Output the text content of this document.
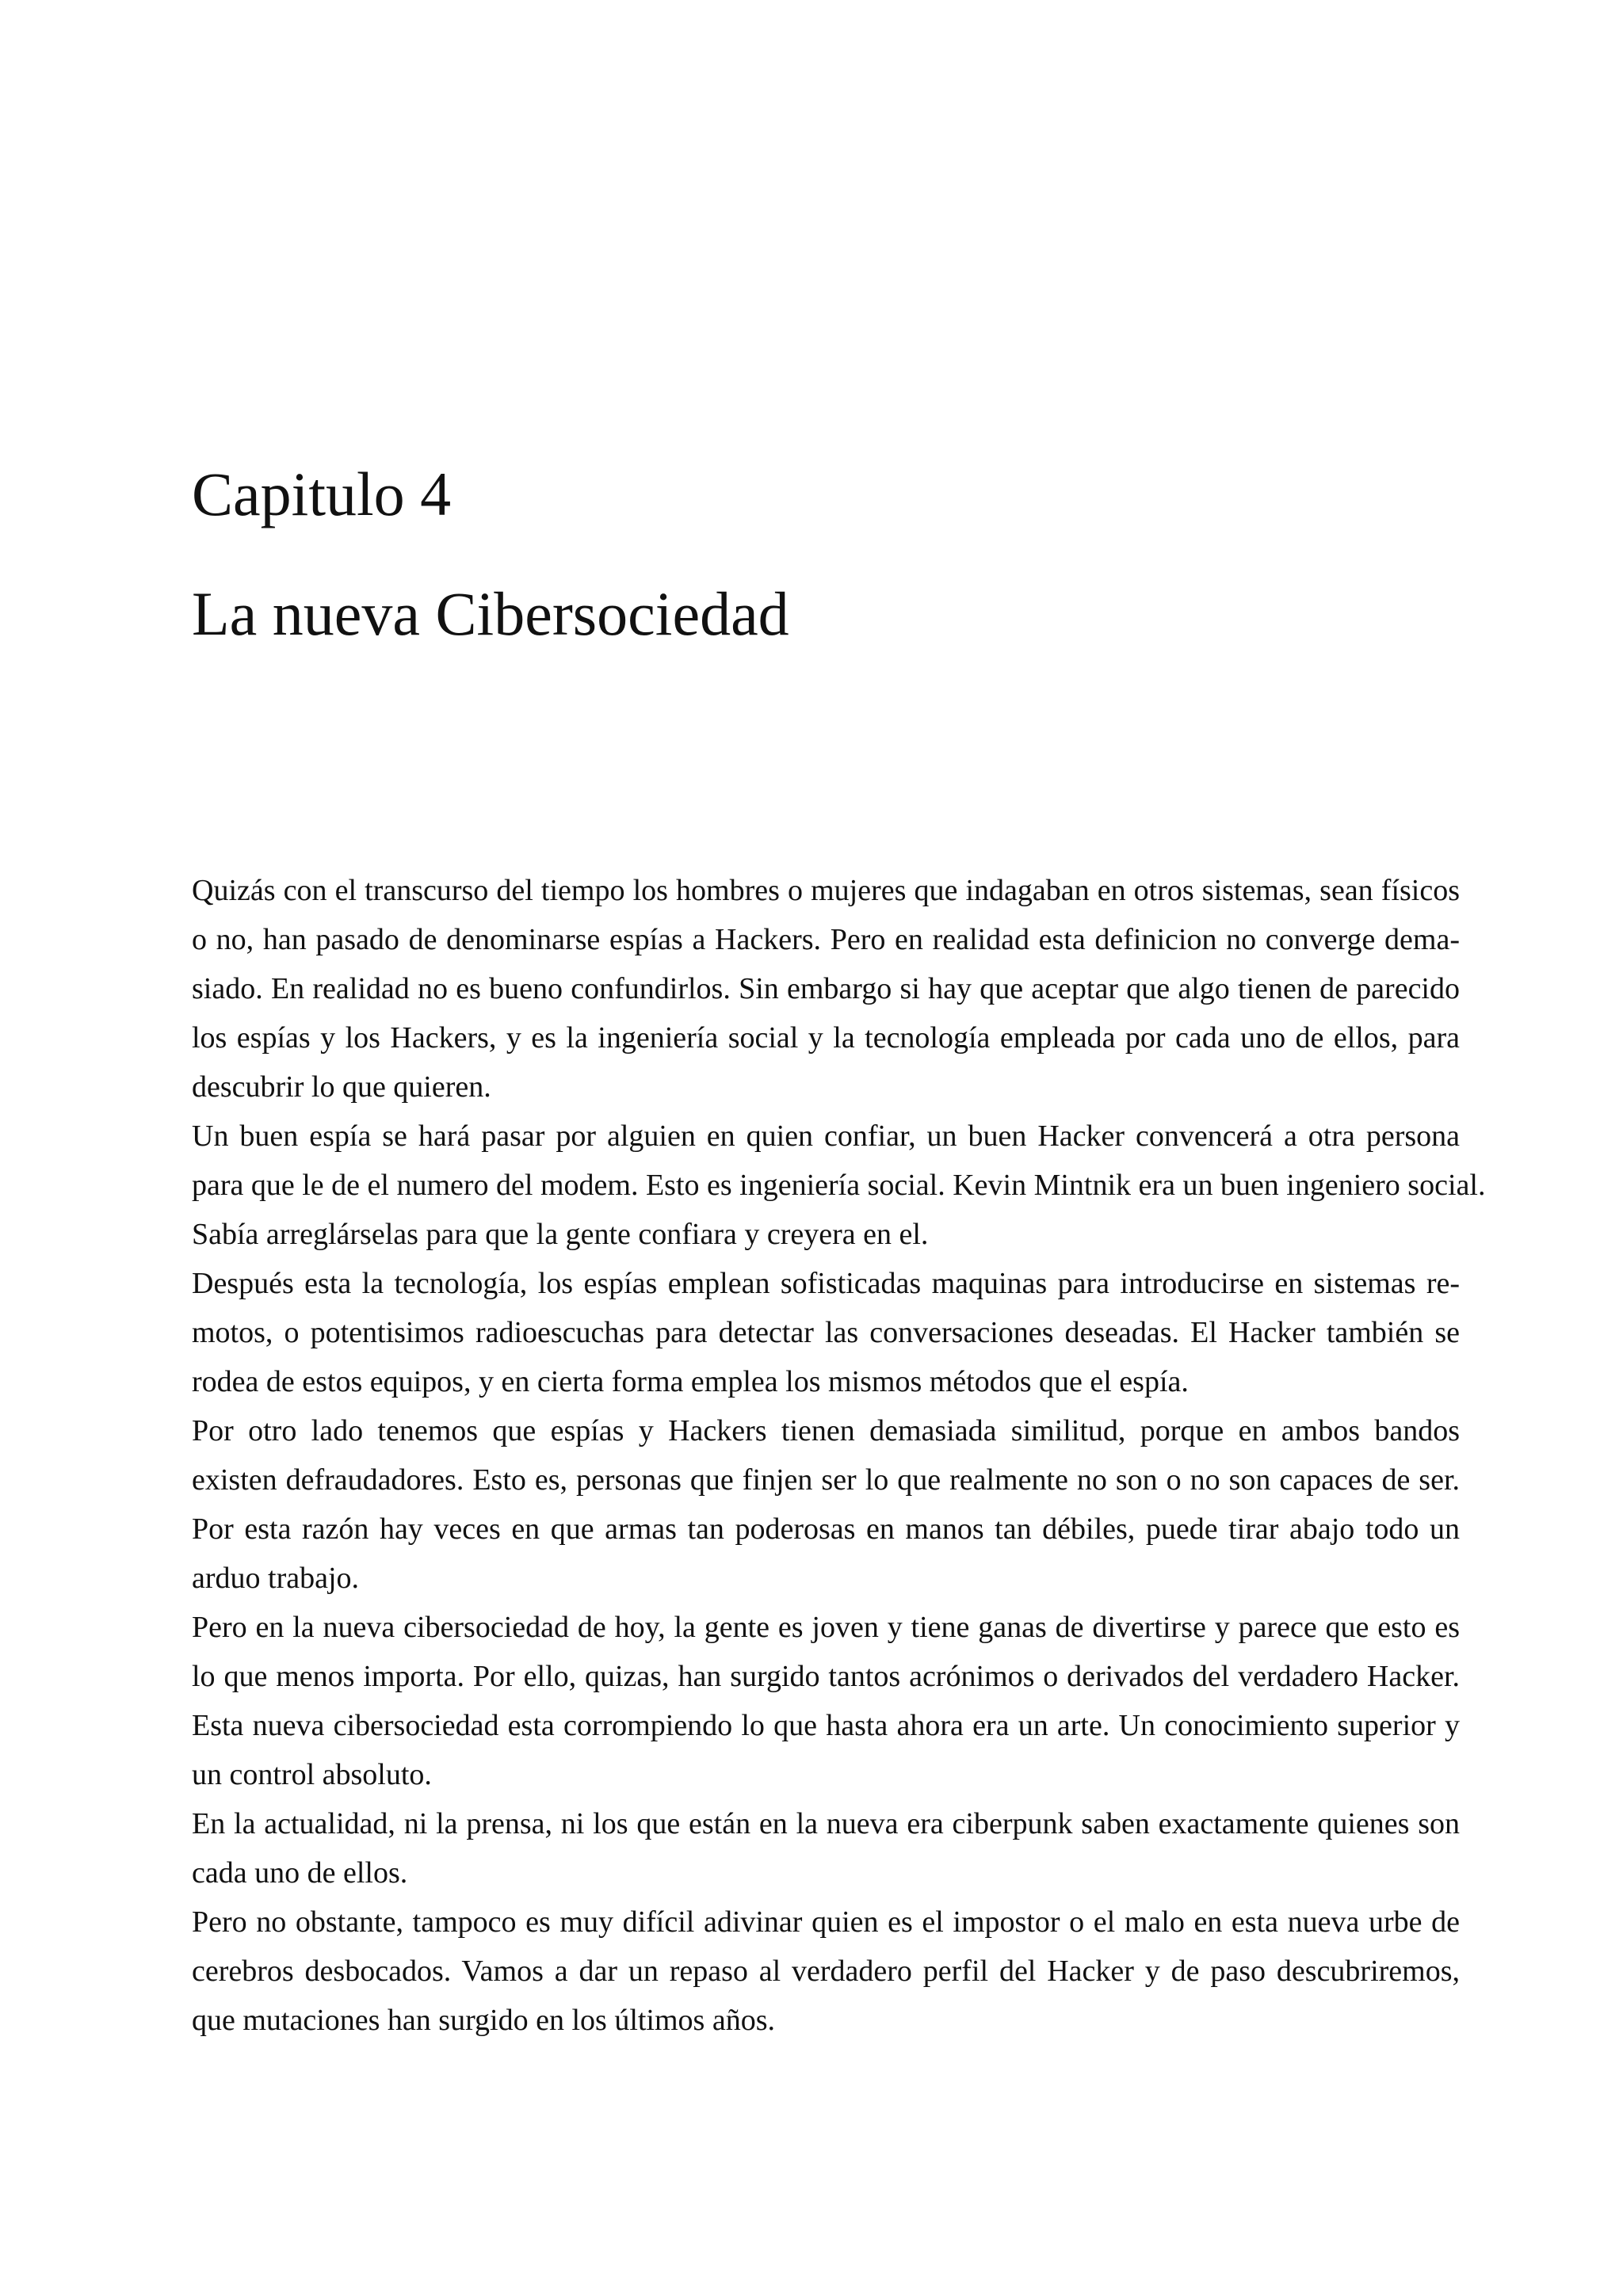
Capitulo 4
La nueva Cibersociedad
Quizás con el transcurso del tiempo los hombres o mujeres que indagaban en otros sistemas, sean físicos
o no, han pasado de denominarse espías a Hackers. Pero en realidad esta definicion no converge dema-
siado. En realidad no es bueno confundirlos. Sin embargo si hay que aceptar que algo tienen de parecido
los espías y los Hackers, y es la ingeniería social y la tecnología empleada por cada uno de ellos, para
descubrir lo que quieren.
Un buen espía se hará pasar por alguien en quien confiar, un buen Hacker convencerá a otra persona
para que le de el numero del modem. Esto es ingeniería social. Kevin Mintnik era un buen ingeniero social.
Sabía arreglárselas para que la gente confiara y creyera en el.
Después esta la tecnología, los espías emplean sofisticadas maquinas para introducirse en sistemas re-
motos, o potentisimos radioescuchas para detectar las conversaciones deseadas. El Hacker también se
rodea de estos equipos, y en cierta forma emplea los mismos métodos que el espía.
Por otro lado tenemos que espías y Hackers tienen demasiada similitud, porque en ambos bandos
existen defraudadores. Esto es, personas que finjen ser lo que realmente no son o no son capaces de ser.
Por esta razón hay veces en que armas tan poderosas en manos tan débiles, puede tirar abajo todo un
arduo trabajo.
Pero en la nueva cibersociedad de hoy, la gente es joven y tiene ganas de divertirse y parece que esto es
lo que menos importa. Por ello, quizas, han surgido tantos acrónimos o derivados del verdadero Hacker.
Esta nueva cibersociedad esta corrompiendo lo que hasta ahora era un arte. Un conocimiento superior y
un control absoluto.
En la actualidad, ni la prensa, ni los que están en la nueva era ciberpunk saben exactamente quienes son
cada uno de ellos.
Pero no obstante, tampoco es muy difícil adivinar quien es el impostor o el malo en esta nueva urbe de
cerebros desbocados. Vamos a dar un repaso al verdadero perfil del Hacker y de paso descubriremos,
que mutaciones han surgido en los últimos años.
